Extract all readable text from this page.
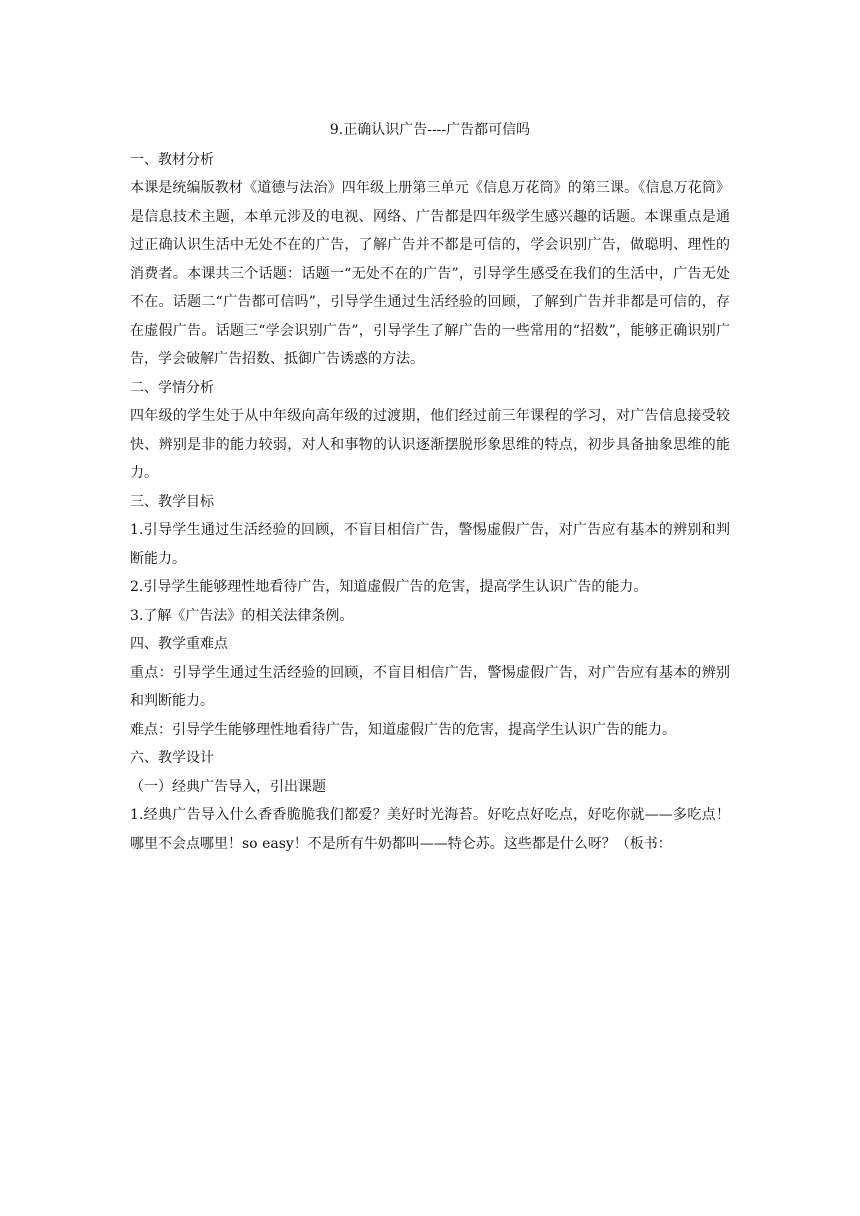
9.正确认识广告----广告都可信吗
一、教材分析
本课是统编版教材《道德与法治》四年级上册第三单元《信息万花筒》的第三课。《信息万花筒》是信息技术主题，本单元涉及的电视、网络、广告都是四年级学生感兴趣的话题。本课重点是通过正确认识生活中无处不在的广告，了解广告并不都是可信的，学会识别广告，做聪明、理性的消费者。本课共三个话题：话题一“无处不在的广告”，引导学生感受在我们的生活中，广告无处不在。话题二“广告都可信吗”，引导学生通过生活经验的回顾，了解到广告并非都是可信的，存在虚假广告。话题三“学会识别广告”，引导学生了解广告的一些常用的“招数”，能够正确识别广告，学会破解广告招数、抵御广告诱惑的方法。
二、学情分析
四年级的学生处于从中年级向高年级的过渡期，他们经过前三年课程的学习，对广告信息接受较快、辨别是非的能力较弱，对人和事物的认识逐渐摆脱形象思维的特点，初步具备抽象思维的能力。
三、教学目标
1.引导学生通过生活经验的回顾，不盲目相信广告，警惕虚假广告，对广告应有基本的辨别和判断能力。
2.引导学生能够理性地看待广告，知道虚假广告的危害，提高学生认识广告的能力。
3.了解《广告法》的相关法律条例。
四、教学重难点
重点：引导学生通过生活经验的回顾，不盲目相信广告，警惕虚假广告，对广告应有基本的辨别和判断能力。
难点：引导学生能够理性地看待广告，知道虚假广告的危害，提高学生认识广告的能力。
六、教学设计
（一）经典广告导入，引出课题
1.经典广告导入什么香香脆脆我们都爱？美好时光海苔。好吃点好吃点，好吃你就——多吃点！哪里不会点哪里！so easy！不是所有牛奶都叫——特仑苏。这些都是什么呀？（板书：
